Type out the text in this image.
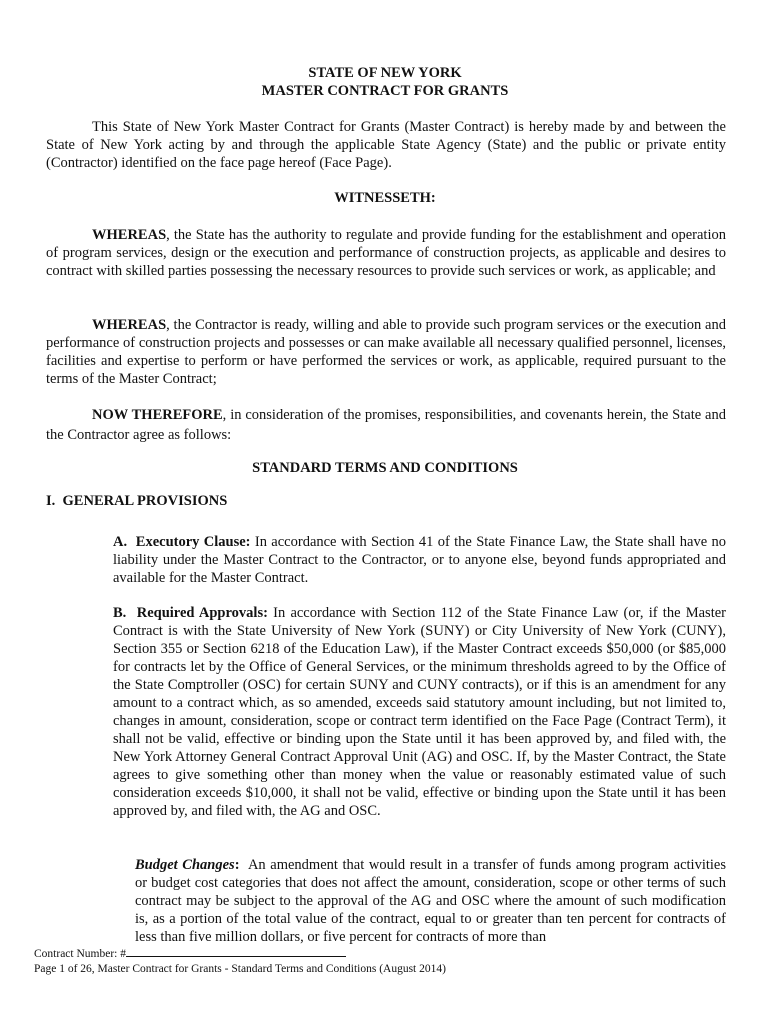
STATE OF NEW YORK
MASTER CONTRACT FOR GRANTS

This State of New York Master Contract for Grants (Master Contract) is hereby made by and between the State of New York acting by and through the applicable State Agency (State) and the public or private entity (Contractor) identified on the face page hereof (Face Page).

WITNESSETH:

WHEREAS, the State has the authority to regulate and provide funding for the establishment and operation of program services, design or the execution and performance of construction projects, as applicable and desires to contract with skilled parties possessing the necessary resources to provide such services or work, as applicable; and

WHEREAS, the Contractor is ready, willing and able to provide such program services or the execution and performance of construction projects and possesses or can make available all necessary qualified personnel, licenses, facilities and expertise to perform or have performed the services or work, as applicable, required pursuant to the terms of the Master Contract;

NOW THEREFORE, in consideration of the promises, responsibilities, and covenants herein, the State and the Contractor agree as follows:

STANDARD TERMS AND CONDITIONS
I.  GENERAL PROVISIONS

A.  Executory Clause: In accordance with Section 41 of the State Finance Law, the State shall have no liability under the Master Contract to the Contractor, or to anyone else, beyond funds appropriated and available for the Master Contract.

B.  Required Approvals: In accordance with Section 112 of the State Finance Law (or, if the Master Contract is with the State University of New York (SUNY) or City University of New York (CUNY), Section 355 or Section 6218 of the Education Law), if the Master Contract exceeds $50,000 (or $85,000 for contracts let by the Office of General Services, or the minimum thresholds agreed to by the Office of the State Comptroller (OSC) for certain SUNY and CUNY contracts), or if this is an amendment for any amount to a contract which, as so amended, exceeds said statutory amount including, but not limited to, changes in amount, consideration, scope or contract term identified on the Face Page (Contract Term), it shall not be valid, effective or binding upon the State until it has been approved by, and filed with, the New York Attorney General Contract Approval Unit (AG) and OSC. If, by the Master Contract, the State agrees to give something other than money when the value or reasonably estimated value of such consideration exceeds $10,000, it shall not be valid, effective or binding upon the State until it has been approved by, and filed with, the AG and OSC.

Budget Changes:  An amendment that would result in a transfer of funds among program activities or budget cost categories that does not affect the amount, consideration, scope or other terms of such contract may be subject to the approval of the AG and OSC where the amount of such modification is, as a portion of the total value of the contract, equal to or greater than ten percent for contracts of less than five million dollars, or five percent for contracts of more than

Contract Number: #
Page 1 of 26, Master Contract for Grants - Standard Terms and Conditions (August 2014)
